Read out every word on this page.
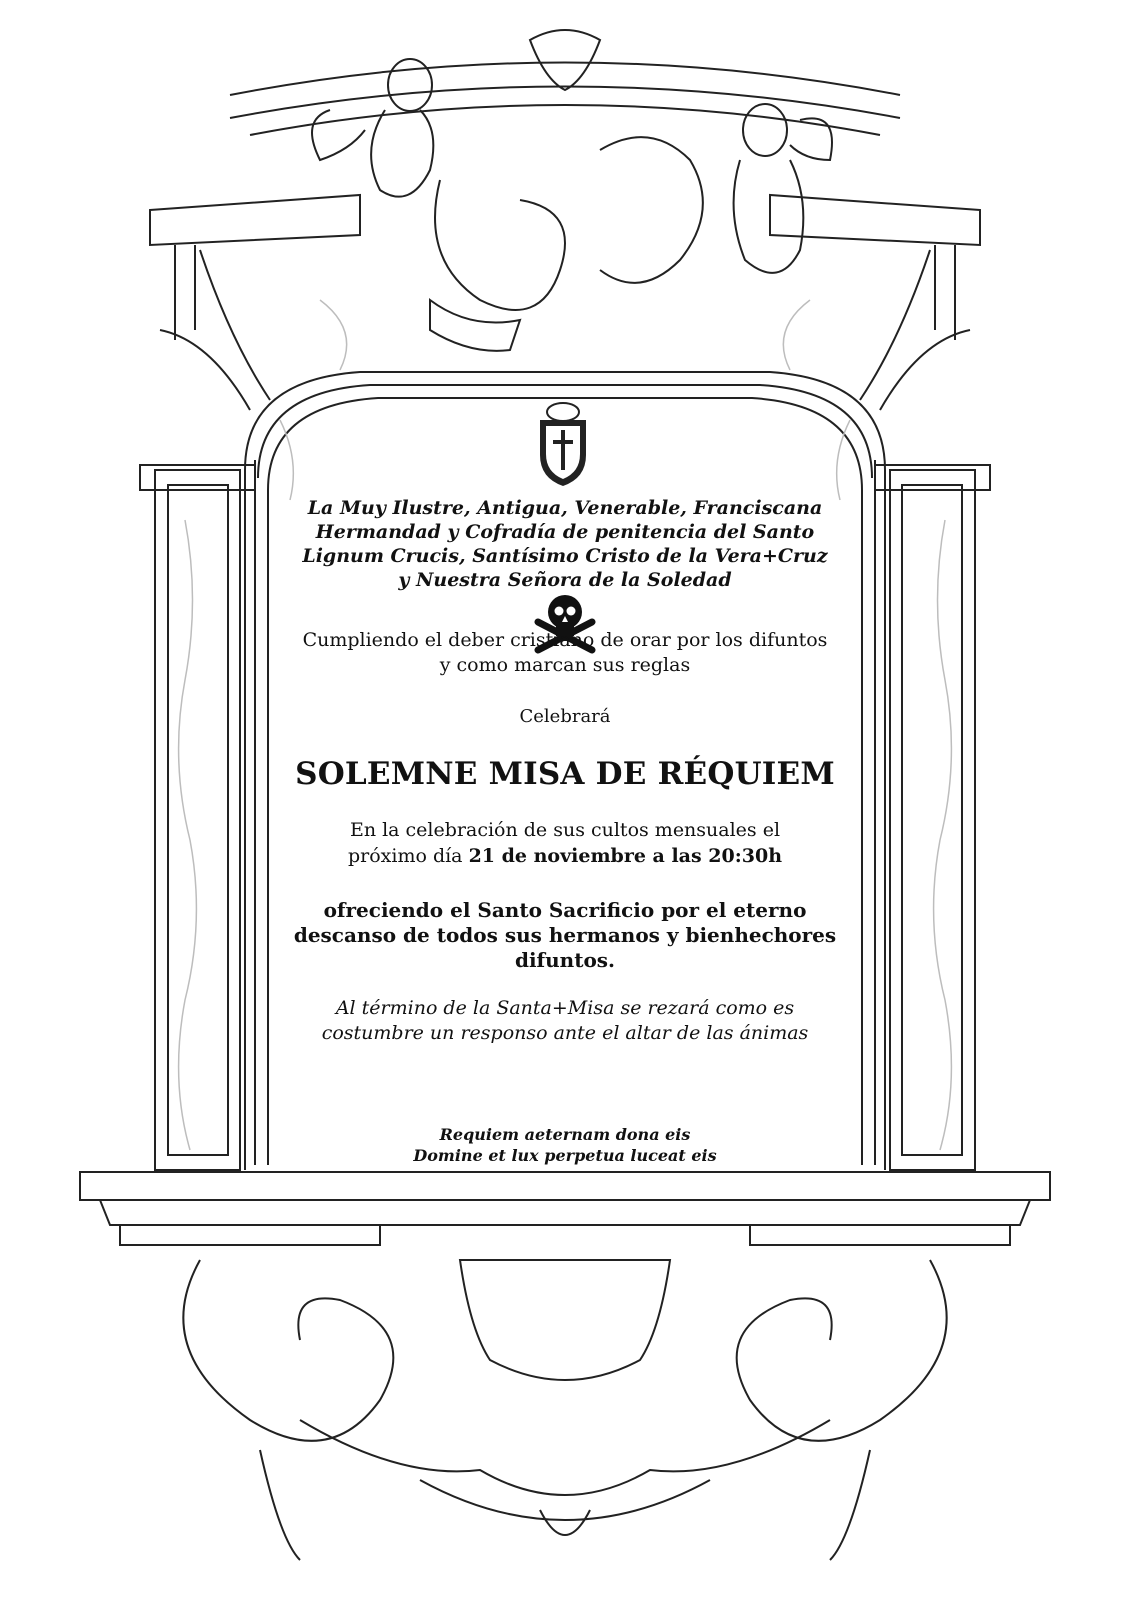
La Muy Ilustre, Antigua, Venerable, Franciscana
Hermandad y Cofradía de penitencia del Santo
Lignum Crucis, Santísimo Cristo de la Vera+Cruz
y Nuestra Señora de la Soledad
Cumpliendo el deber cristiano de orar por los difuntos
y como marcan sus reglas
Celebrará
SOLEMNE MISA DE RÉQUIEM
En la celebración de sus cultos mensuales el
próximo día 21 de noviembre a las 20:30h
ofreciendo el Santo Sacrificio por el eterno
descanso de todos sus hermanos y bienhechores
difuntos.
Al término de la Santa+Misa se rezará como es
costumbre un responso ante el altar de las ánimas
Requiem aeternam dona eis
Domine et lux perpetua luceat eis
